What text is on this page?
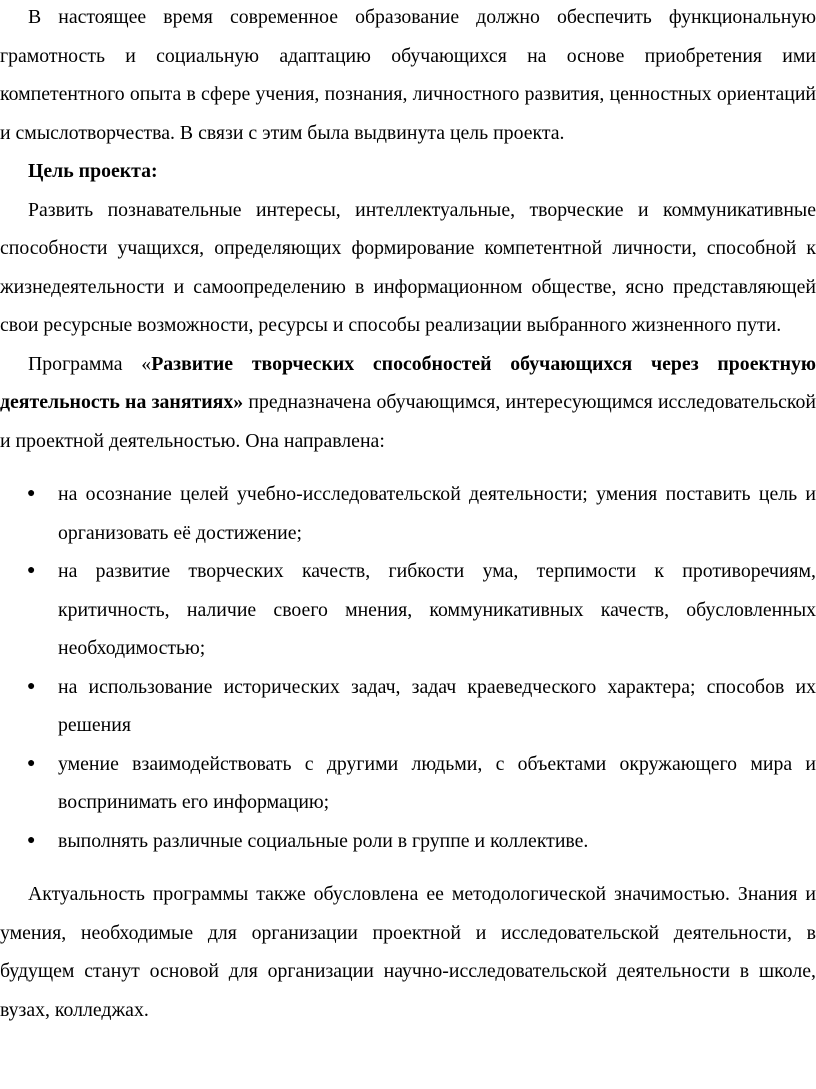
В настоящее время современное образование должно обеспечить функциональную грамотность и социальную адаптацию обучающихся на основе приобретения ими компетентного опыта в сфере учения, познания, личностного развития, ценностных ориентаций и смыслотворчества. В связи с этим была выдвинута цель проекта.

Цель проекта:

Развить познавательные интересы, интеллектуальные, творческие и коммуникативные способности учащихся, определяющих формирование компетентной личности, способной к жизнедеятельности и самоопределению в информационном обществе, ясно представляющей свои ресурсные возможности, ресурсы и способы реализации выбранного жизненного пути.

Программа «Развитие творческих способностей обучающихся через проектную деятельность на занятиях» предназначена обучающимся, интересующимся исследовательской и проектной деятельностью. Она направлена:

● на осознание целей учебно-исследовательской деятельности; умения поставить цель и организовать её достижение;
● на развитие творческих качеств, гибкости ума, терпимости к противоречиям, критичность, наличие своего мнения, коммуникативных качеств, обусловленных необходимостью;
● на использование исторических задач, задач краеведческого характера; способов их решения
● умение взаимодействовать с другими людьми, с объектами окружающего мира и воспринимать его информацию;
● выполнять различные социальные роли в группе и коллективе.

Актуальность программы также обусловлена ее методологической значимостью. Знания и умения, необходимые для организации проектной и исследовательской деятельности, в будущем станут основой для организации научно-исследовательской деятельности в школе, вузах, колледжах.
